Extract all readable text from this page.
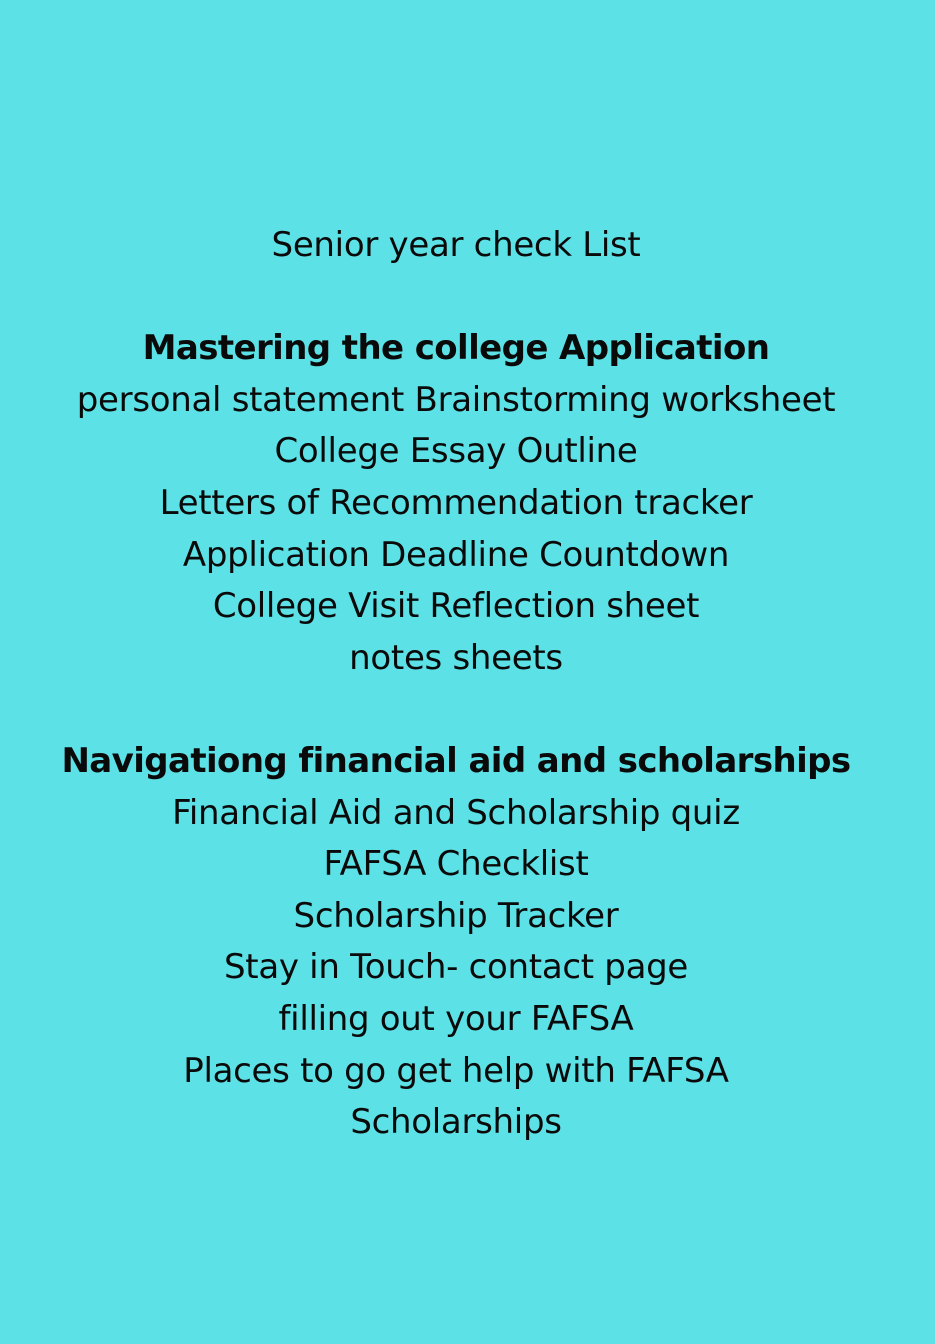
Senior year check List
Mastering the college Application
personal statement Brainstorming worksheet
College Essay Outline
Letters of Recommendation tracker
Application Deadline Countdown
College Visit Reflection sheet
notes sheets
Navigationg financial aid and scholarships
Financial Aid and Scholarship quiz
FAFSA Checklist
Scholarship Tracker
Stay in Touch- contact page
filling out your FAFSA
Places to go get help with FAFSA
Scholarships
